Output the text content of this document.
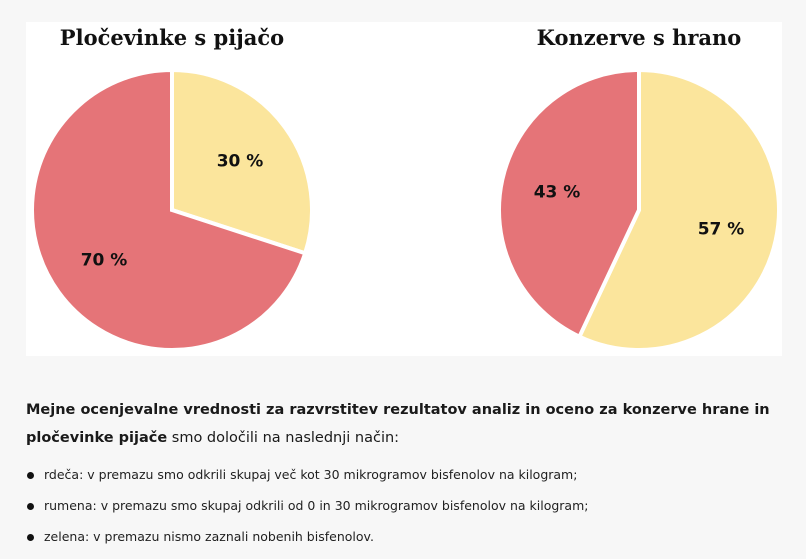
Pločevinke s pijačo	Konzerve s hrano
30 %
70 %
57 %
43 %

Mejne ocenjevalne vrednosti za razvrstitev rezultatov analiz in oceno za konzerve hrane in pločevinke pijače smo določili na naslednji način:

rdeča: v premazu smo odkrili skupaj več kot 30 mikrogramov bisfenolov na kilogram;
rumena: v premazu smo skupaj odkrili od 0 in 30 mikrogramov bisfenolov na kilogram;
zelena: v premazu nismo zaznali nobenih bisfenolov.
